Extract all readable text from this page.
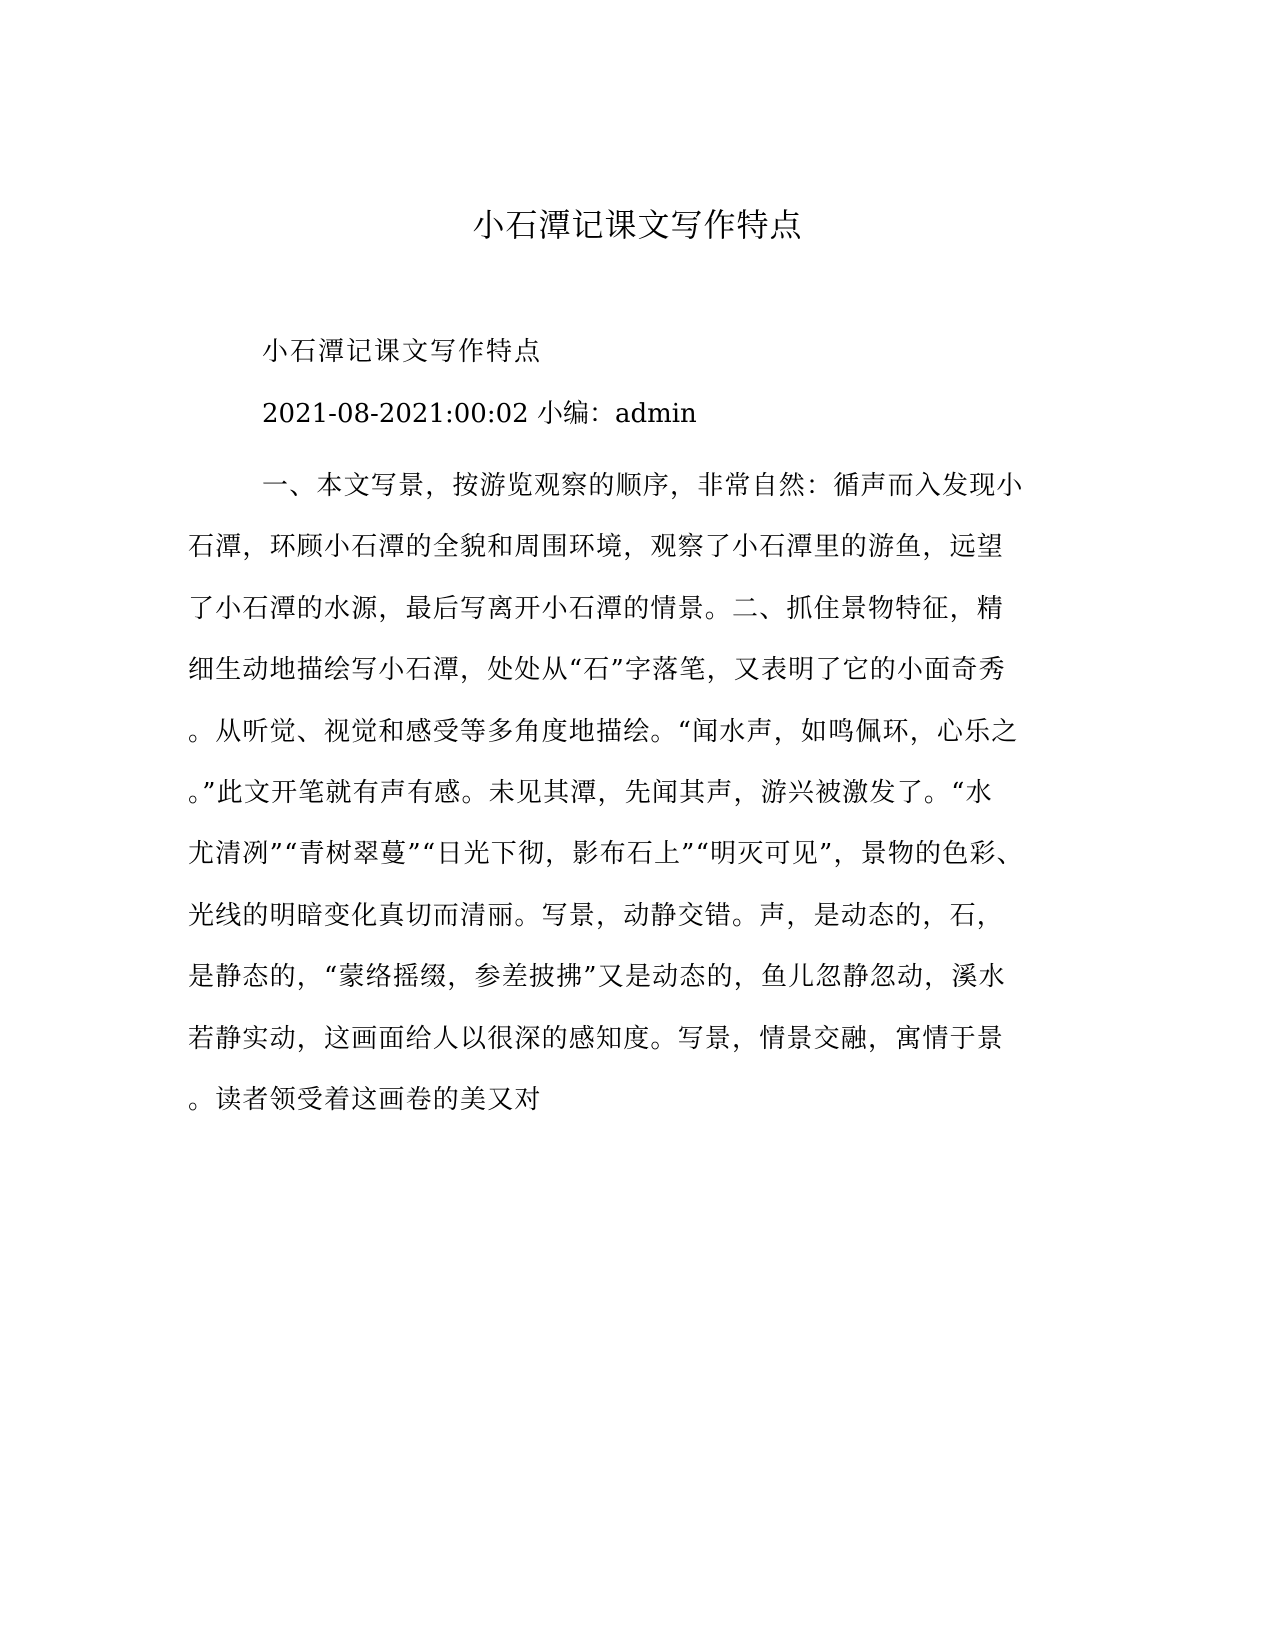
小石潭记课文写作特点
小石潭记课文写作特点
2021-08-2021:00:02 小编：admin
一、本文写景，按游览观察的顺序，非常自然：循声而入发现小
石潭，环顾小石潭的全貌和周围环境，观察了小石潭里的游鱼，远望
了小石潭的水源，最后写离开小石潭的情景。二、抓住景物特征，精
细生动地描绘写小石潭，处处从“石”字落笔，又表明了它的小面奇秀
。从听觉、视觉和感受等多角度地描绘。“闻水声，如鸣佩环，心乐之
。”此文开笔就有声有感。未见其潭，先闻其声，游兴被激发了。“水
尤清冽”“青树翠蔓”“日光下彻，影布石上”“明灭可见”，景物的色彩、
光线的明暗变化真切而清丽。写景，动静交错。声，是动态的，石，
是静态的，“蒙络摇缀，参差披拂”又是动态的，鱼儿忽静忽动，溪水
若静实动，这画面给人以很深的感知度。写景，情景交融，寓情于景
。读者领受着这画卷的美又对
